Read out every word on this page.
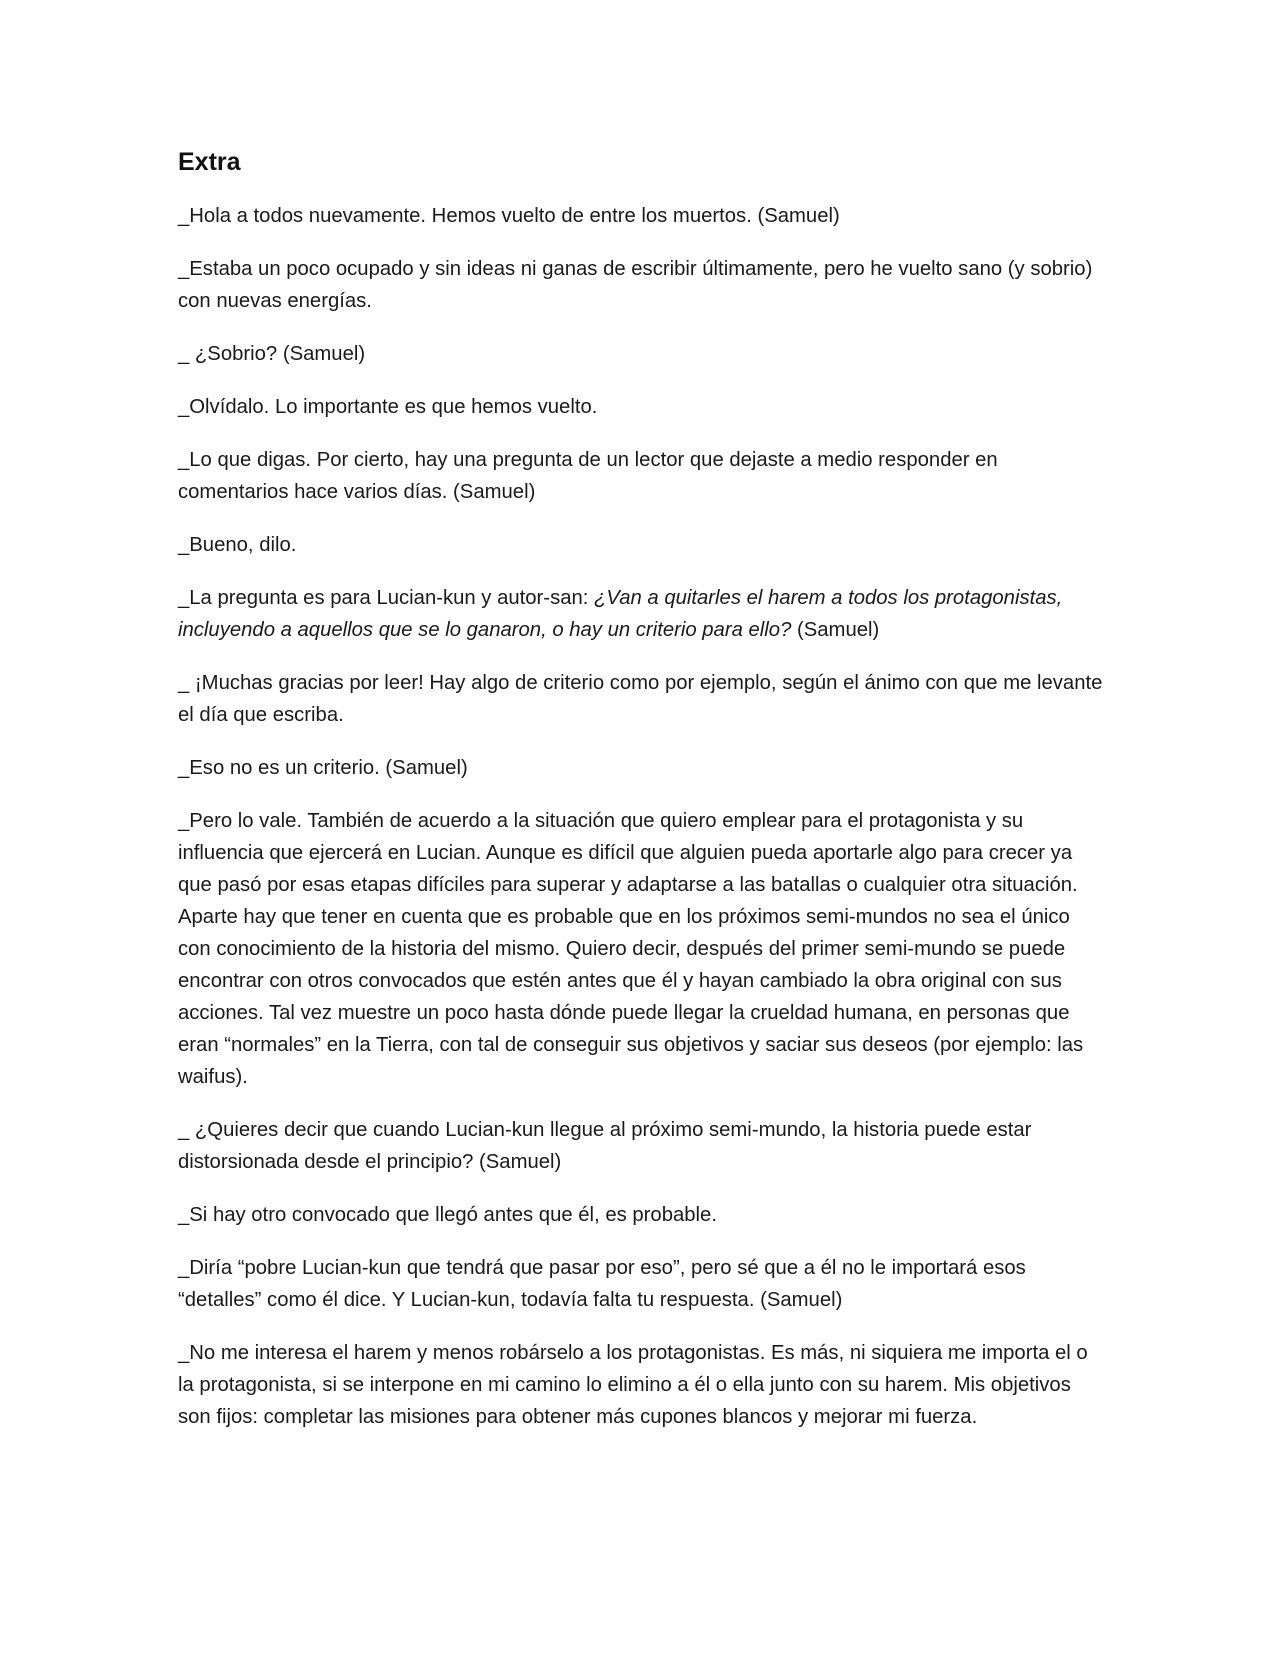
Extra

_Hola a todos nuevamente. Hemos vuelto de entre los muertos. (Samuel)

_Estaba un poco ocupado y sin ideas ni ganas de escribir últimamente, pero he vuelto sano (y sobrio) con nuevas energías.

_ ¿Sobrio? (Samuel)

_Olvídalo. Lo importante es que hemos vuelto.

_Lo que digas. Por cierto, hay una pregunta de un lector que dejaste a medio responder en comentarios hace varios días. (Samuel)

_Bueno, dilo.

_La pregunta es para Lucian-kun y autor-san: ¿Van a quitarles el harem a todos los protagonistas, incluyendo a aquellos que se lo ganaron, o hay un criterio para ello? (Samuel)

_ ¡Muchas gracias por leer! Hay algo de criterio como por ejemplo, según el ánimo con que me levante el día que escriba.

_Eso no es un criterio. (Samuel)

_Pero lo vale. También de acuerdo a la situación que quiero emplear para el protagonista y su influencia que ejercerá en Lucian. Aunque es difícil que alguien pueda aportarle algo para crecer ya que pasó por esas etapas difíciles para superar y adaptarse a las batallas o cualquier otra situación. Aparte hay que tener en cuenta que es probable que en los próximos semi-mundos no sea el único con conocimiento de la historia del mismo. Quiero decir, después del primer semi-mundo se puede encontrar con otros convocados que estén antes que él y hayan cambiado la obra original con sus acciones. Tal vez muestre un poco hasta dónde puede llegar la crueldad humana, en personas que eran “normales” en la Tierra, con tal de conseguir sus objetivos y saciar sus deseos (por ejemplo: las waifus).

_ ¿Quieres decir que cuando Lucian-kun llegue al próximo semi-mundo, la historia puede estar distorsionada desde el principio? (Samuel)

_Si hay otro convocado que llegó antes que él, es probable.

_Diría “pobre Lucian-kun que tendrá que pasar por eso”, pero sé que a él no le importará esos “detalles” como él dice. Y Lucian-kun, todavía falta tu respuesta. (Samuel)

_No me interesa el harem y menos robárselo a los protagonistas. Es más, ni siquiera me importa el o la protagonista, si se interpone en mi camino lo elimino a él o ella junto con su harem. Mis objetivos son fijos: completar las misiones para obtener más cupones blancos y mejorar mi fuerza.
